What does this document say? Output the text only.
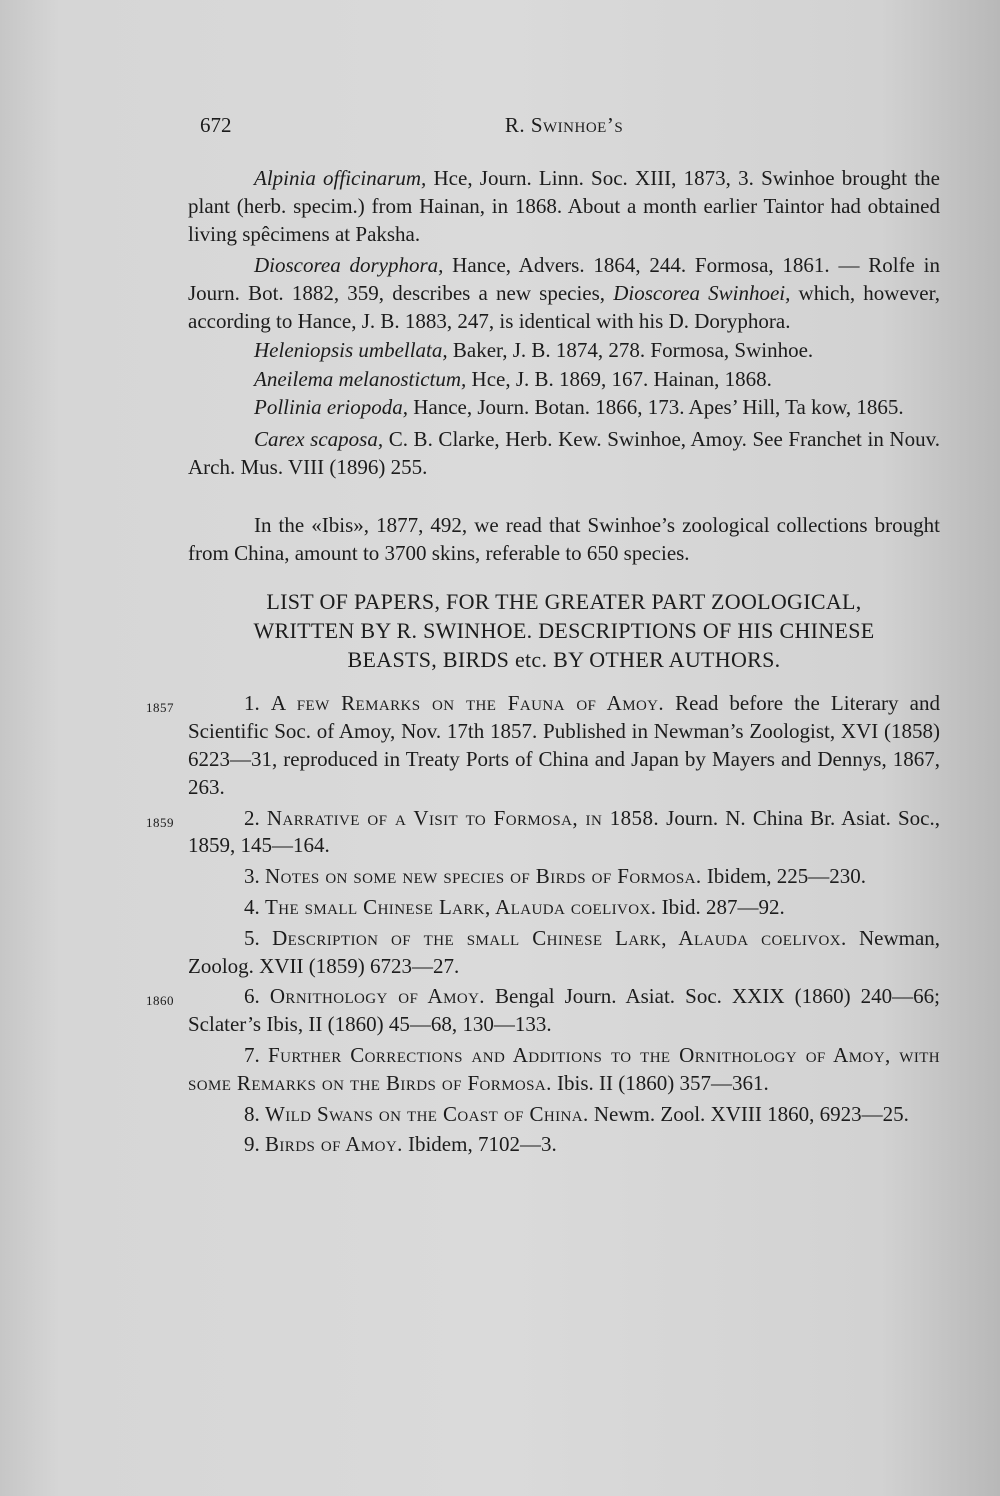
672	R. Swinhoe’s

Alpinia officinarum, Hce, Journ. Linn. Soc. XIII, 1873, 3. Swinhoe brought the plant (herb. specim.) from Hainan, in 1868. About a month earlier Taintor had obtained living spêcimens at Paksha.

Dioscorea doryphora, Hance, Advers. 1864, 244. Formosa, 1861. — Rolfe in Journ. Bot. 1882, 359, describes a new species, Dioscorea Swinhoei, which, however, according to Hance, J. B. 1883, 247, is identical with his D. Doryphora.

Heleniopsis umbellata, Baker, J. B. 1874, 278. Formosa, Swinhoe.

Aneilema melanostictum, Hce, J. B. 1869, 167. Hainan, 1868.

Pollinia eriopoda, Hance, Journ. Botan. 1866, 173. Apes’ Hill, Ta kow, 1865.

Carex scaposa, C. B. Clarke, Herb. Kew. Swinhoe, Amoy. See Franchet in Nouv. Arch. Mus. VIII (1896) 255.

In the «Ibis», 1877, 492, we read that Swinhoe’s zoological collections brought from China, amount to 3700 skins, referable to 650 species.

LIST OF PAPERS, FOR THE GREATER PART ZOOLOGICAL,
WRITTEN BY R. SWINHOE. DESCRIPTIONS OF HIS CHINESE
BEASTS, BIRDS etc. BY OTHER AUTHORS.

1857	1. A few Remarks on the Fauna of Amoy. Read before the Literary and Scientific Soc. of Amoy, Nov. 17th 1857. Published in Newman’s Zoologist, XVI (1858) 6223—31, reproduced in Treaty Ports of China and Japan by Mayers and Dennys, 1867, 263.

1859	2. Narrative of a Visit to Formosa, in 1858. Journ. N. China Br. Asiat. Soc., 1859, 145—164.

3. Notes on some new species of Birds of Formosa. Ibidem, 225—230.

4. The small Chinese Lark, Alauda coelivox. Ibid. 287—92.

5. Description of the small Chinese Lark, Alauda coelivox. Newman, Zoolog. XVII (1859) 6723—27.

1860	6. Ornithology of Amoy. Bengal Journ. Asiat. Soc. XXIX (1860) 240—66; Sclater’s Ibis, II (1860) 45—68, 130—133.

7. Further Corrections and Additions to the Ornithology of Amoy, with some Remarks on the Birds of Formosa. Ibis. II (1860) 357—361.

8. Wild Swans on the Coast of China. Newm. Zool. XVIII 1860, 6923—25.

9. Birds of Amoy. Ibidem, 7102—3.
